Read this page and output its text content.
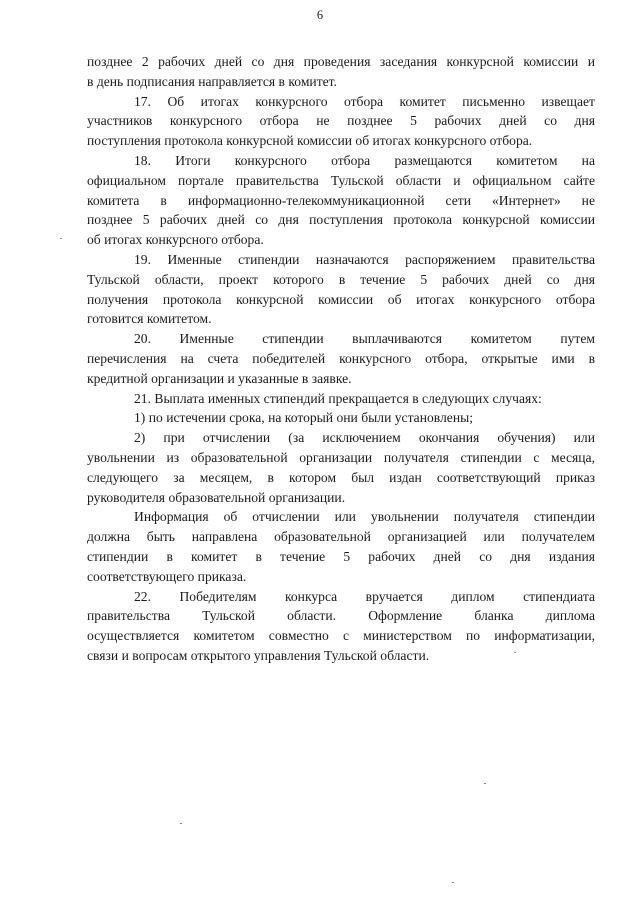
6
позднее 2 рабочих дней со дня проведения заседания конкурсной комиссии и
в день подписания направляется в комитет.
17. Об итогах конкурсного отбора комитет письменно извещает
участников конкурсного отбора не позднее 5 рабочих дней со дня
поступления протокола конкурсной комиссии об итогах конкурсного отбора.
18. Итоги конкурсного отбора размещаются комитетом на
официальном портале правительства Тульской области и официальном сайте
комитета в информационно-телекоммуникационной сети «Интернет» не
позднее 5 рабочих дней со дня поступления протокола конкурсной комиссии
об итогах конкурсного отбора.
19. Именные стипендии назначаются распоряжением правительства
Тульской области, проект которого в течение 5 рабочих дней со дня
получения протокола конкурсной комиссии об итогах конкурсного отбора
готовится комитетом.
20. Именные стипендии выплачиваются комитетом путем
перечисления на счета победителей конкурсного отбора, открытые ими в
кредитной организации и указанные в заявке.
21. Выплата именных стипендий прекращается в следующих случаях:
1) по истечении срока, на который они были установлены;
2) при отчислении (за исключением окончания обучения) или
увольнении из образовательной организации получателя стипендии с месяца,
следующего за месяцем, в котором был издан соответствующий приказ
руководителя образовательной организации.
Информация об отчислении или увольнении получателя стипендии
должна быть направлена образовательной организацией или получателем
стипендии в комитет в течение 5 рабочих дней со дня издания
соответствующего приказа.
22. Победителям конкурса вручается диплом стипендиата
правительства Тульской области. Оформление бланка диплома
осуществляется комитетом совместно с министерством по информатизации,
связи и вопросам открытого управления Тульской области.
